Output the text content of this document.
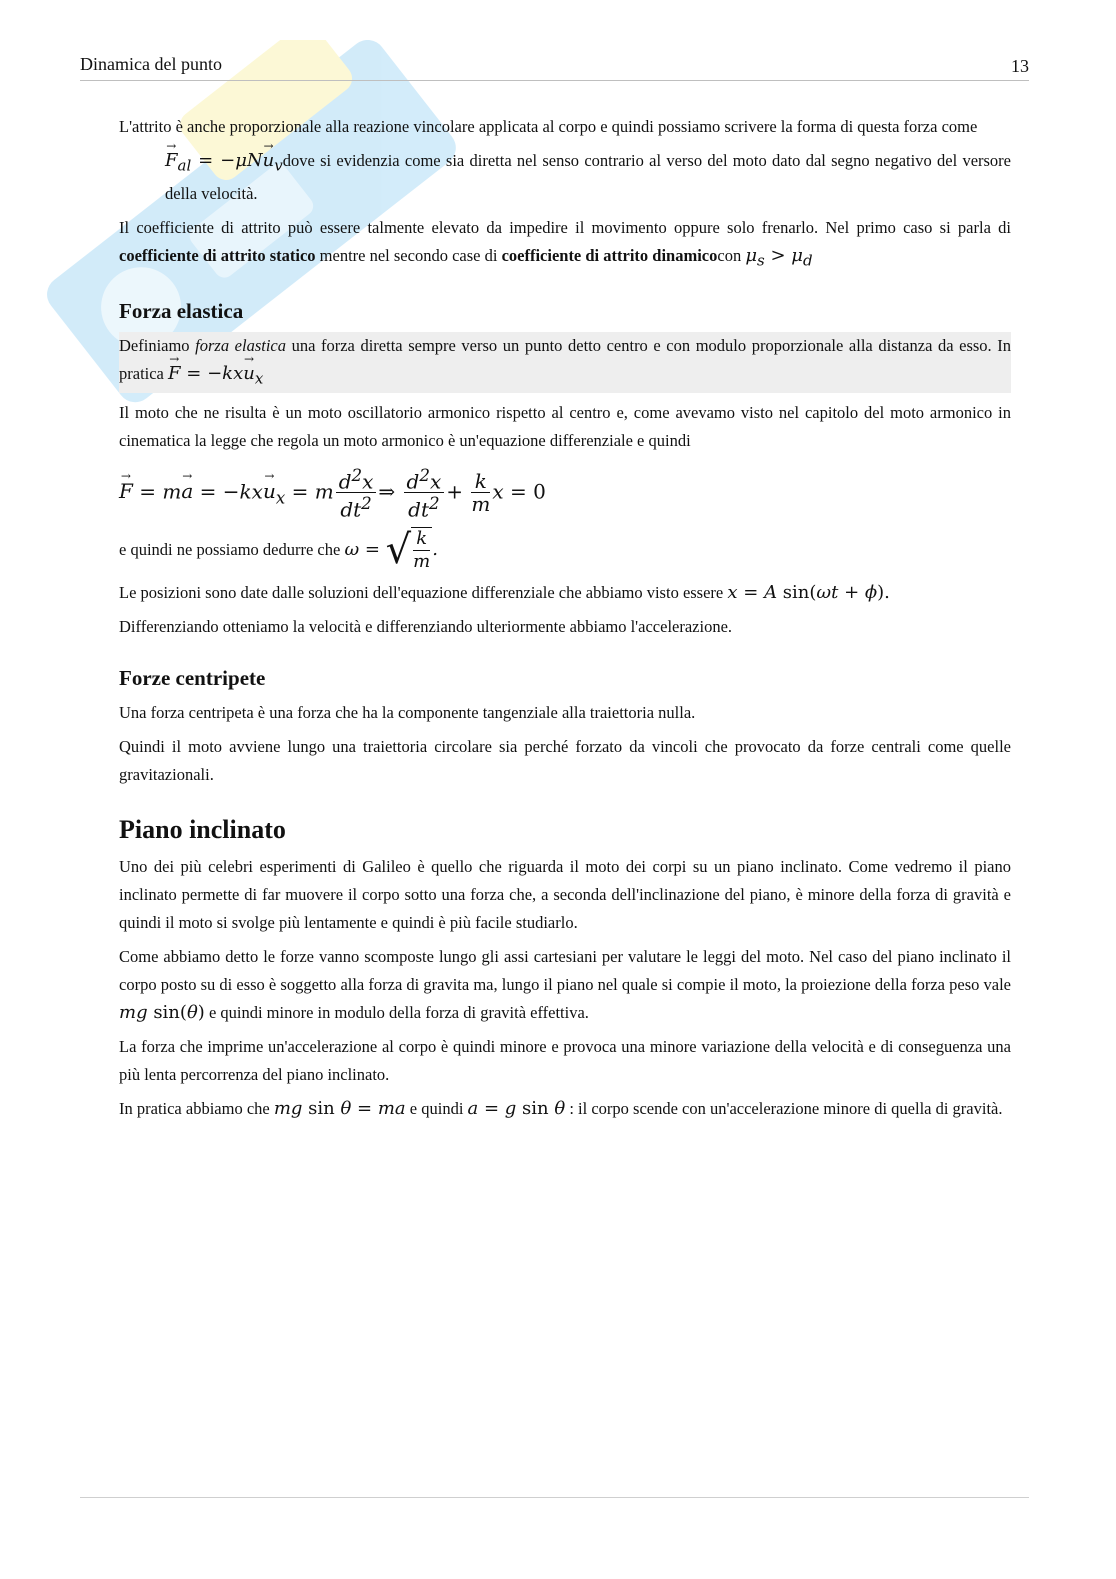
Dinamica del punto	13

L'attrito è anche proporzionale alla reazione vincolare applicata al corpo e quindi possiamo scrivere la forma di questa forza come

→ $F_{al} = -\mu N\to$ $u_vdove$ si evidenzia come sia diretta nel senso contrario al verso del moto dato dal segno negativo del versore della velocità.

Il coefficiente di attrito può essere talmente elevato da impedire il movimento oppure solo frenarlo. Nel primo caso si parla di coefficiente di attrito statico mentre nel secondo case di coefficiente di attrito dinamicocon $\mu_s > \mu_d$

Forza elastica

Definiamo forza elastica una forza diretta sempre verso un punto detto centro e con modulo proporzionale alla distanza da esso. In pratica → $F = -kx\to u_x$

Il moto che ne risulta è un moto oscillatorio armonico rispetto al centro e, come avevamo visto nel capitolo del moto armonico in cinematica la legge che regola un moto armonico è un'equazione differenziale e quindi

→ $F = m\to a = -kx\to u_x = m \frac{d^2x}{dt^2}$ ⇒ $\frac{d^2x}{dt^2} + \frac{k}{m}$ x = 0

e quindi ne possiamo dedurre che ω = √ $\frac{k}{m}$ .

Le posizioni sono date dalle soluzioni dell'equazione differenziale che abbiamo visto essere x = A sin(ωt + ϕ).

Differenziando otteniamo la velocità e differenziando ulteriormente abbiamo l'accelerazione.

Forze centripete

Una forza centripeta è una forza che ha la componente tangenziale alla traiettoria nulla.

Quindi il moto avviene lungo una traiettoria circolare sia perché forzato da vincoli che provocato da forze centrali come quelle gravitazionali.

Piano inclinato

Uno dei più celebri esperimenti di Galileo è quello che riguarda il moto dei corpi su un piano inclinato. Come vedremo il piano inclinato permette di far muovere il corpo sotto una forza che, a seconda dell'inclinazione del piano, è minore della forza di gravità e quindi il moto si svolge più lentamente e quindi è più facile studiarlo.

Come abbiamo detto le forze vanno scomposte lungo gli assi cartesiani per valutare le leggi del moto. Nel caso del piano inclinato il corpo posto su di esso è soggetto alla forza di gravita ma, lungo il piano nel quale si compie il moto, la proiezione della forza peso vale mg sin(θ) e quindi minore in modulo della forza di gravità effettiva.

La forza che imprime un'accelerazione al corpo è quindi minore e provoca una minore variazione della velocità e di conseguenza una più lenta percorrenza del piano inclinato.

In pratica abbiamo che mg sin θ = ma e quindi a = g sin θ : il corpo scende con un'accelerazione minore di quella di gravità.
